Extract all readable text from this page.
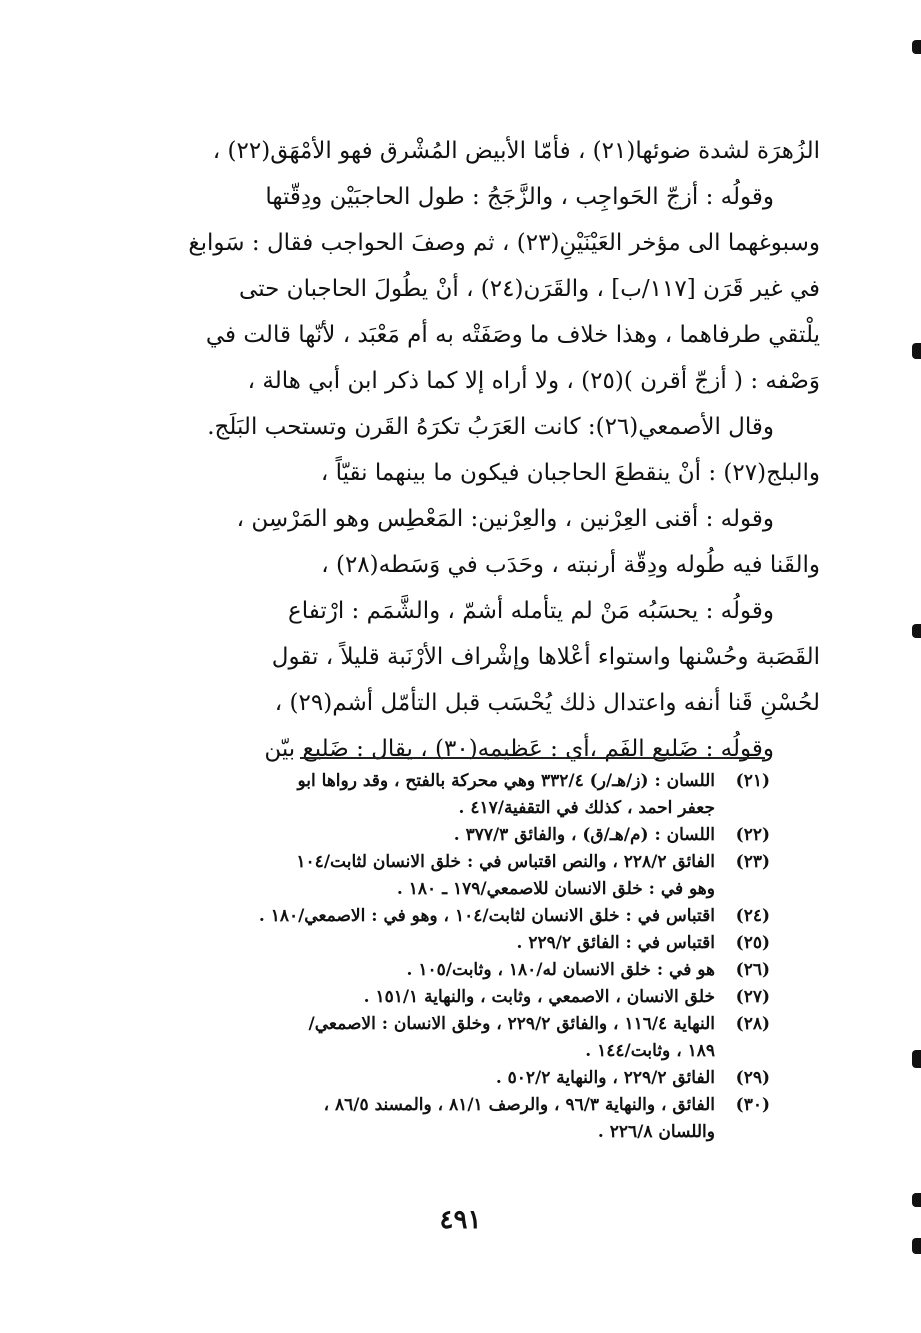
الزُهرَة لشدة ضوئها(٢١) ، فأمّا الأبيض المُشْرق فهو الأمْهَق(٢٢) ،
وقولُه : أزجّ الحَواجِب ، والزَّجَجُ : طول الحاجبَيْن ودِقّتها
وسبوغهما الى مؤخر العَيْنَيْنِ(٢٣) ، ثم وصفَ الحواجب فقال : سَوابغ
في غير قَرَن [١١٧/ب] ، والقَرَن(٢٤) ، أنْ يطُولَ الحاجبان حتى
يلْتقي طرفاهما ، وهذا خلاف ما وصَفَتْه به أم مَعْبَد ، لأنّها قالت في
وَصْفه : ( أزجّ أقرن )(٢٥) ، ولا أراه إلا كما ذكر ابن أبي هالة ،
وقال الأصمعي(٢٦): كانت العَرَبُ تكرَهُ القَرن وتستحب البَلَج.
والبلج(٢٧) : أنْ ينقطعَ الحاجبان فيكون ما بينهما نقيّاً ،
وقوله : أقنى العِرْنين ، والعِرْنين: المَعْطِس وهو المَرْسِن ،
والقَنا فيه طُوله ودِقّة أرنبته ، وحَدَب في وَسَطه(٢٨) ،
وقولُه : يحسَبُه مَنْ لم يتأمله أشمّ ، والشَّمَم : ارْتفاع
القَصَبة وحُسْنها واستواء أعْلاها وإشْراف الأرْنَبة قليلاً ، تقول
لحُسْنِ قَنا أنفه واعتدال ذلك يُحْسَب قبل التأمّل أشم(٢٩) ،
وقولُه : ضَليع الفَم ،أي : عَظيمه(٣٠) ، يقال : ضَليع بيّن
(٢١)
اللسان : (ز/هـ/ر) ٣٣٢/٤ وهي محركة بالفتح ، وقد رواها ابو
جعفر احمد ، كذلك في التقفية/٤١٧ .
(٢٢)
اللسان : (م/هـ/ق) ، والفائق ٣٧٧/٣ .
(٢٣)
الفائق ٢٢٨/٢ ، والنص اقتباس في : خلق الانسان لثابت/١٠٤
وهو في : خلق الانسان للاصمعي/١٧٩ ـ ١٨٠ .
(٢٤)
اقتباس في : خلق الانسان لثابت/١٠٤ ، وهو في : الاصمعي/١٨٠ .
(٢٥)
اقتباس في : الفائق ٢٢٩/٢ .
(٢٦)
هو في : خلق الانسان له/١٨٠ ، وثابت/١٠٥ .
(٢٧)
خلق الانسان ، الاصمعي ، وثابت ، والنهاية ١٥١/١ .
(٢٨)
النهاية ١١٦/٤ ، والفائق ٢٢٩/٢ ، وخلق الانسان : الاصمعي/
١٨٩ ، وثابت/١٤٤ .
(٢٩)
الفائق ٢٢٩/٢ ، والنهاية ٥٠٢/٢ .
(٣٠)
الفائق ، والنهاية ٩٦/٣ ، والرصف ٨١/١ ، والمسند ٨٦/٥ ،
واللسان ٢٢٦/٨ .
٤٩١
